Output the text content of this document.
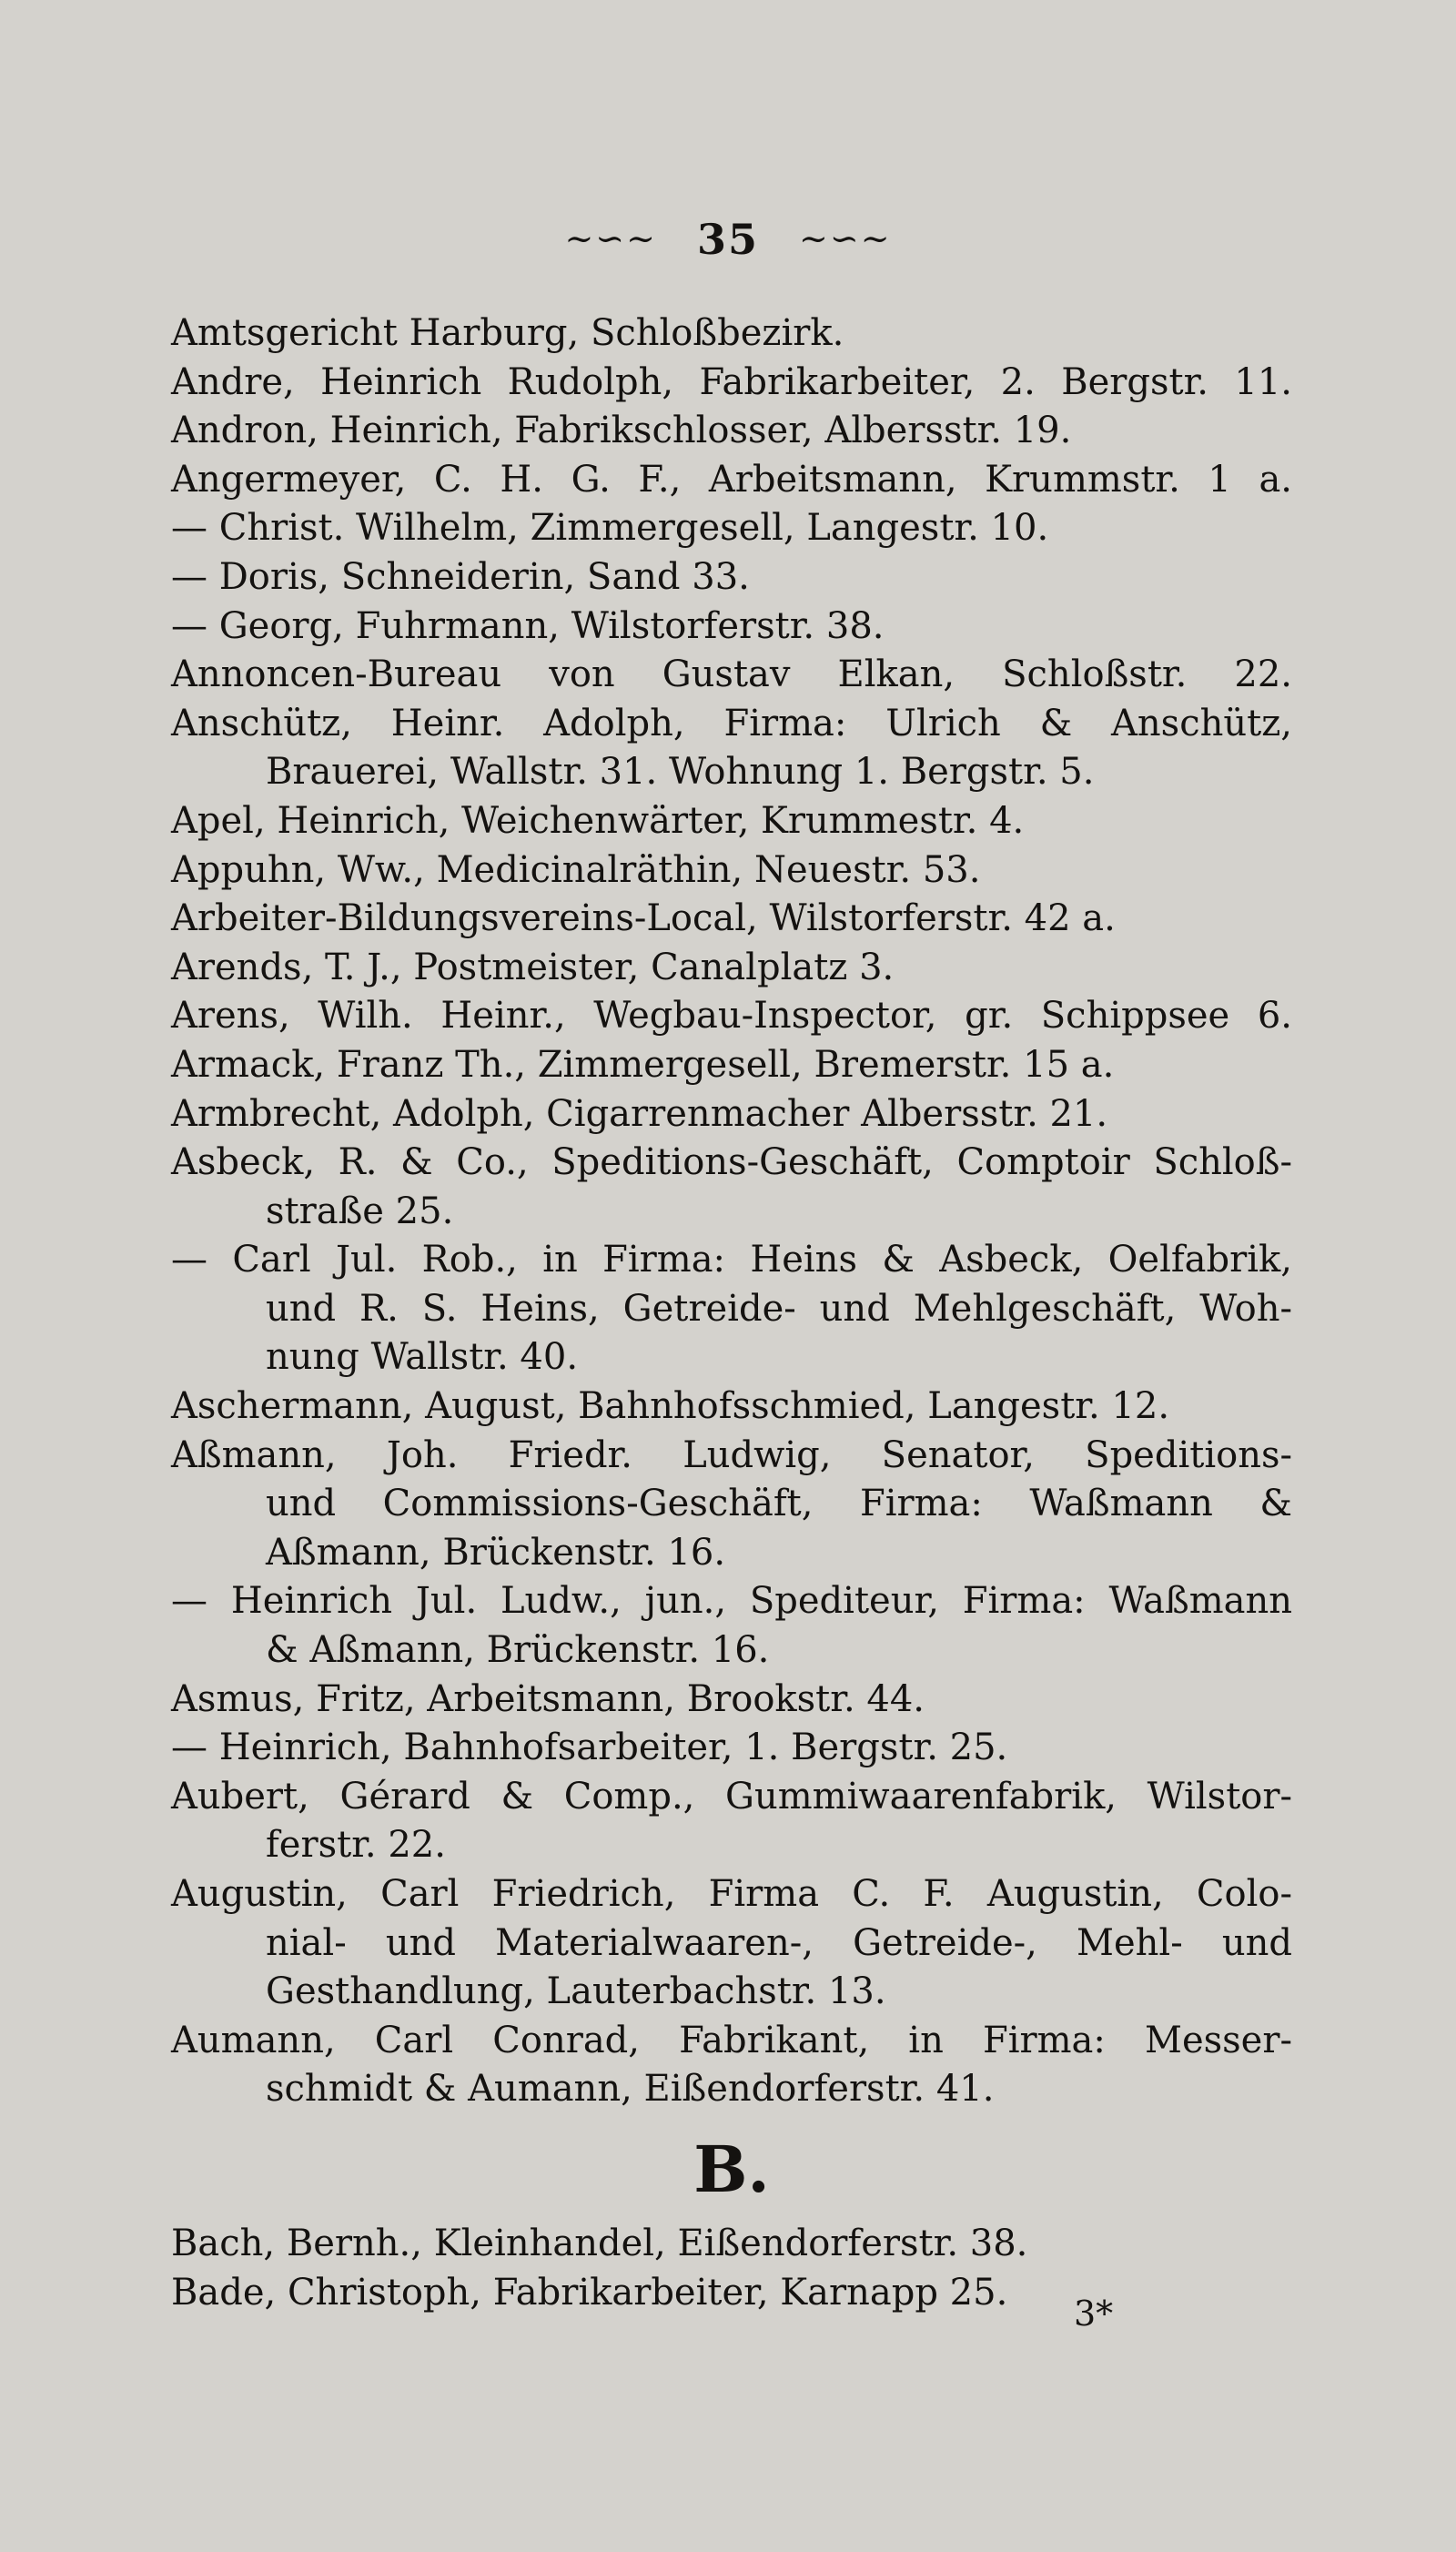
~∽~ 35 ~∽~
Amtsgericht Harburg, Schloßbezirk.
Andre, Heinrich Rudolph, Fabrikarbeiter, 2. Bergstr. 11.
Andron, Heinrich, Fabrikschlosser, Albersstr. 19.
Angermeyer, C. H. G. F., Arbeitsmann, Krummstr. 1 a.
— Christ. Wilhelm, Zimmergesell, Langestr. 10.
— Doris, Schneiderin, Sand 33.
— Georg, Fuhrmann, Wilstorferstr. 38.
Annoncen-Bureau von Gustav Elkan, Schloßstr. 22.
Anschütz, Heinr. Adolph, Firma: Ulrich & Anschütz,
Brauerei, Wallstr. 31. Wohnung 1. Bergstr. 5.
Apel, Heinrich, Weichenwärter, Krummestr. 4.
Appuhn, Ww., Medicinalräthin, Neuestr. 53.
Arbeiter-Bildungsvereins-Local, Wilstorferstr. 42 a.
Arends, T. J., Postmeister, Canalplatz 3.
Arens, Wilh. Heinr., Wegbau-Inspector, gr. Schippsee 6.
Armack, Franz Th., Zimmergesell, Bremerstr. 15 a.
Armbrecht, Adolph, Cigarrenmacher Albersstr. 21.
Asbeck, R. & Co., Speditions-Geschäft, Comptoir Schloß-
straße 25.
— Carl Jul. Rob., in Firma: Heins & Asbeck, Oelfabrik,
und R. S. Heins, Getreide- und Mehlgeschäft, Woh-
nung Wallstr. 40.
Aschermann, August, Bahnhofsschmied, Langestr. 12.
Aßmann, Joh. Friedr. Ludwig, Senator, Speditions-
und Commissions-Geschäft, Firma: Waßmann &
Aßmann, Brückenstr. 16.
— Heinrich Jul. Ludw., jun., Spediteur, Firma: Waßmann
& Aßmann, Brückenstr. 16.
Asmus, Fritz, Arbeitsmann, Brookstr. 44.
— Heinrich, Bahnhofsarbeiter, 1. Bergstr. 25.
Aubert, Gérard & Comp., Gummiwaarenfabrik, Wilstor-
ferstr. 22.
Augustin, Carl Friedrich, Firma C. F. Augustin, Colo-
nial- und Materialwaaren-, Getreide-, Mehl- und
Gesthandlung, Lauterbachstr. 13.
Aumann, Carl Conrad, Fabrikant, in Firma: Messer-
schmidt & Aumann, Eißendorferstr. 41.
B.
Bach, Bernh., Kleinhandel, Eißendorferstr. 38.
Bade, Christoph, Fabrikarbeiter, Karnapp 25.
3*
